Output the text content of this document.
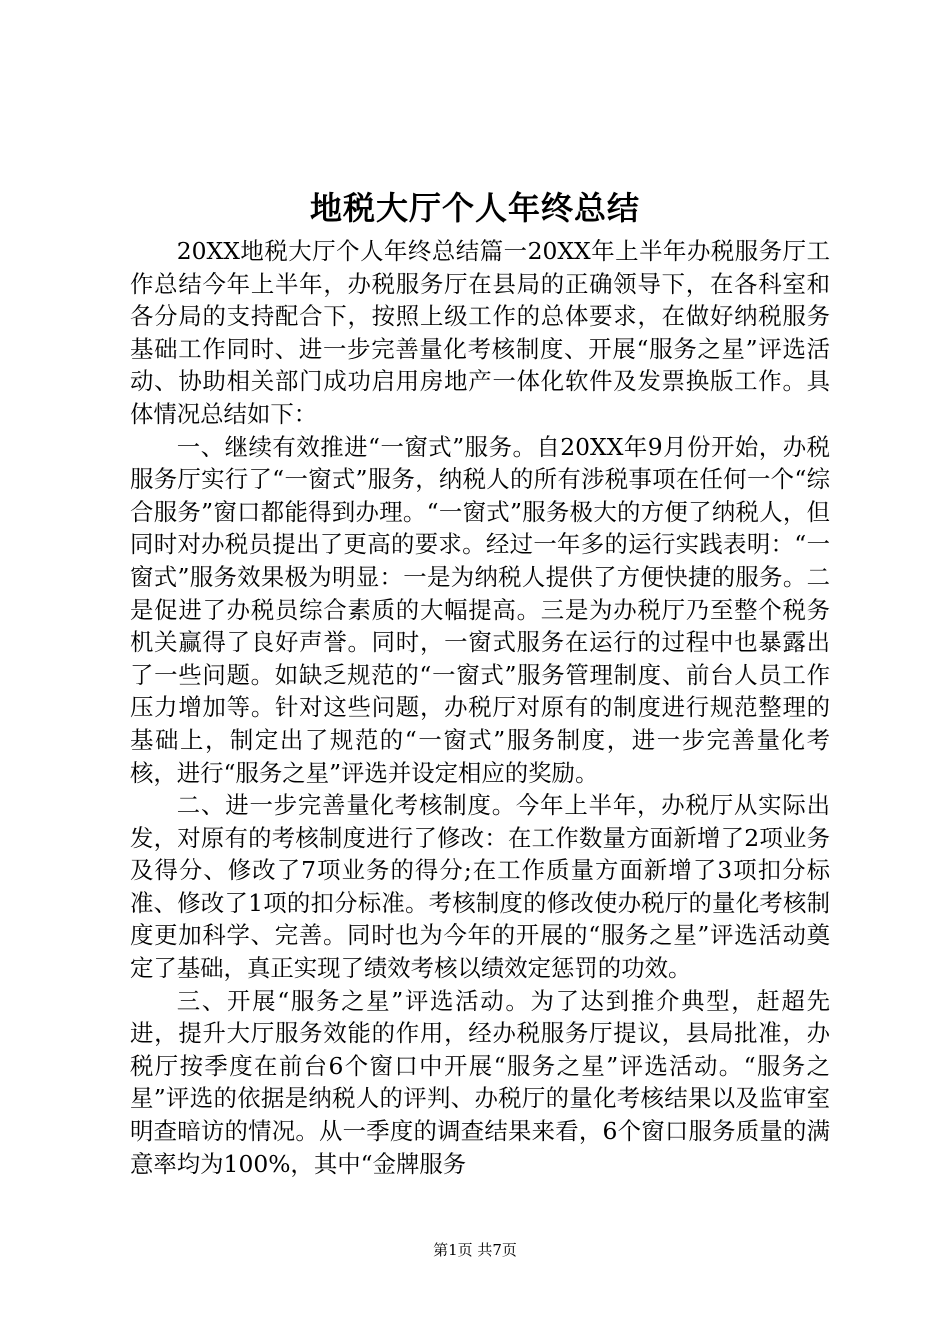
地税大厅个人年终总结

20XX地税大厅个人年终总结篇一20XX年上半年办税服务厅工作总结今年上半年，办税服务厅在县局的正确领导下，在各科室和各分局的支持配合下，按照上级工作的总体要求，在做好纳税服务基础工作同时、进一步完善量化考核制度、开展“服务之星”评选活动、协助相关部门成功启用房地产一体化软件及发票换版工作。具体情况总结如下：

一、继续有效推进“一窗式”服务。自20XX年9月份开始，办税服务厅实行了“一窗式”服务，纳税人的所有涉税事项在任何一个“综合服务”窗口都能得到办理。“一窗式”服务极大的方便了纳税人，但同时对办税员提出了更高的要求。经过一年多的运行实践表明：“一窗式”服务效果极为明显：一是为纳税人提供了方便快捷的服务。二是促进了办税员综合素质的大幅提高。三是为办税厅乃至整个税务机关赢得了良好声誉。同时，一窗式服务在运行的过程中也暴露出了一些问题。如缺乏规范的“一窗式”服务管理制度、前台人员工作压力增加等。针对这些问题，办税厅对原有的制度进行规范整理的基础上，制定出了规范的“一窗式”服务制度，进一步完善量化考核，进行“服务之星”评选并设定相应的奖励。

二、进一步完善量化考核制度。今年上半年，办税厅从实际出发，对原有的考核制度进行了修改：在工作数量方面新增了2项业务及得分、修改了7项业务的得分;在工作质量方面新增了3项扣分标准、修改了1项的扣分标准。考核制度的修改使办税厅的量化考核制度更加科学、完善。同时也为今年的开展的“服务之星”评选活动奠定了基础，真正实现了绩效考核以绩效定惩罚的功效。

三、开展“服务之星”评选活动。为了达到推介典型，赶超先进，提升大厅服务效能的作用，经办税服务厅提议，县局批准，办税厅按季度在前台6个窗口中开展“服务之星”评选活动。“服务之星”评选的依据是纳税人的评判、办税厅的量化考核结果以及监审室明查暗访的情况。从一季度的调查结果来看，6个窗口服务质量的满意率均为100%，其中“金牌服务

第1页 共7页
